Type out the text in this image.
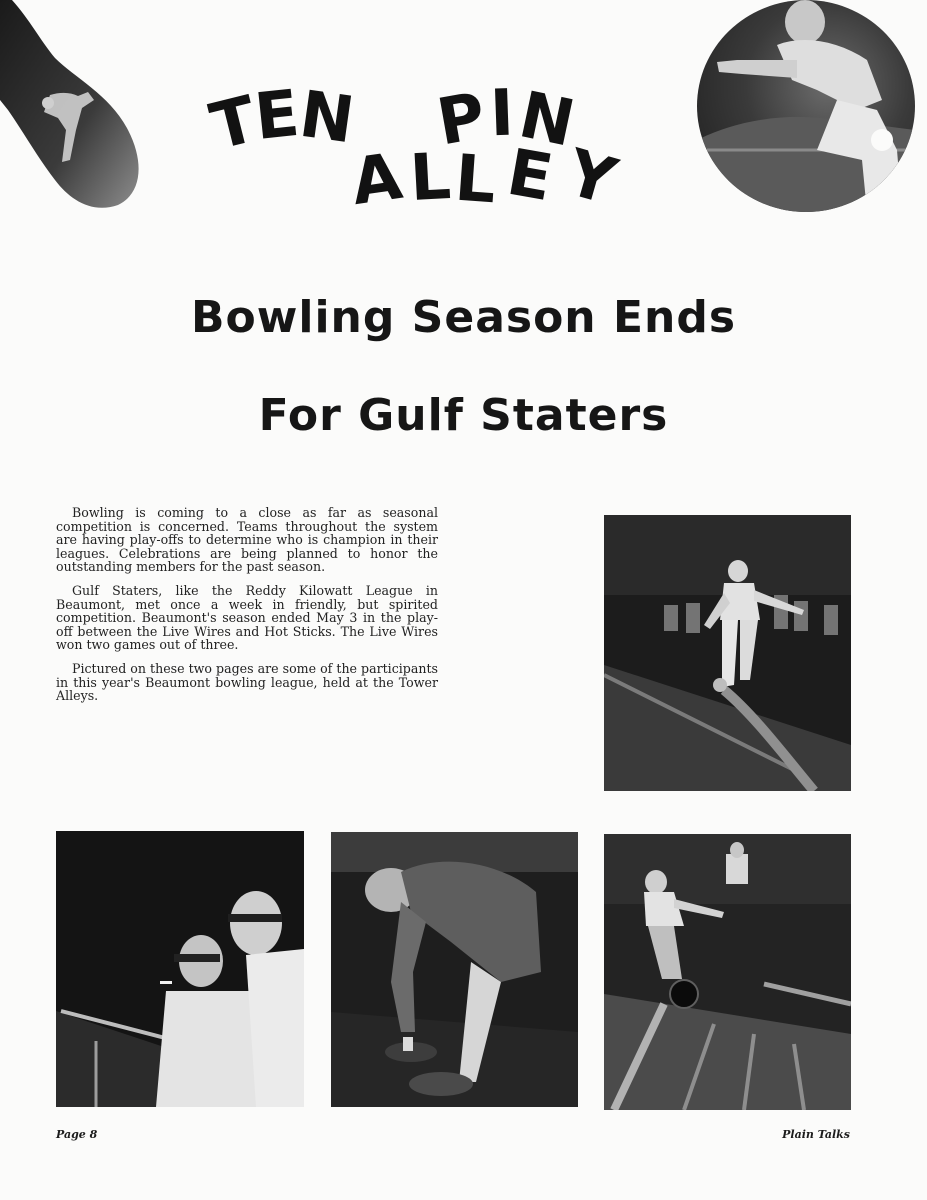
T
E
N P
I
N
A L L E Y
Bowling Season Ends
For Gulf Staters

Bowling is coming to a close as far as seasonal competition is concerned. Teams throughout the system are having play-offs to determine who is champion in their leagues. Celebrations are being planned to honor the outstanding members for the past season.

Gulf Staters, like the Reddy Kilowatt League in Beaumont, met once a week in friendly, but spirited competition. Beaumont's season ended May 3 in the play-off between the Live Wires and Hot Sticks. The Live Wires won two games out of three.

Pictured on these two pages are some of the participants in this year's Beaumont bowling league, held at the Tower Alleys.

Page 8	Plain Talks
